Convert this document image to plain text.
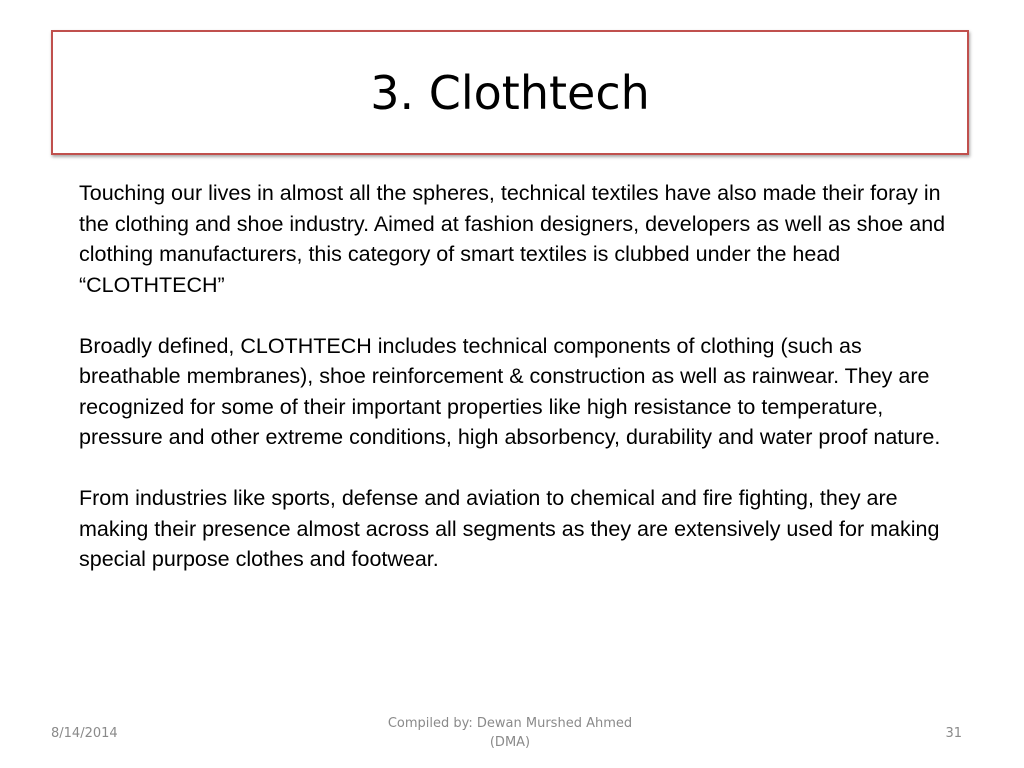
3. Clothtech

Touching our lives in almost all the spheres, technical textiles have also made their foray in the clothing and shoe industry. Aimed at fashion designers, developers as well as shoe and clothing manufacturers, this category of smart textiles is clubbed under the head “CLOTHTECH”

Broadly defined, CLOTHTECH includes technical components of clothing (such as breathable membranes), shoe reinforcement & construction as well as rainwear. They are recognized for some of their important properties like high resistance to temperature, pressure and other extreme conditions, high absorbency, durability and water proof nature.

From industries like sports, defense and aviation to chemical and fire fighting, they are making their presence almost across all segments as they are extensively used for making special purpose clothes and footwear.

8/14/2014
Compiled by: Dewan Murshed Ahmed
(DMA)
31
